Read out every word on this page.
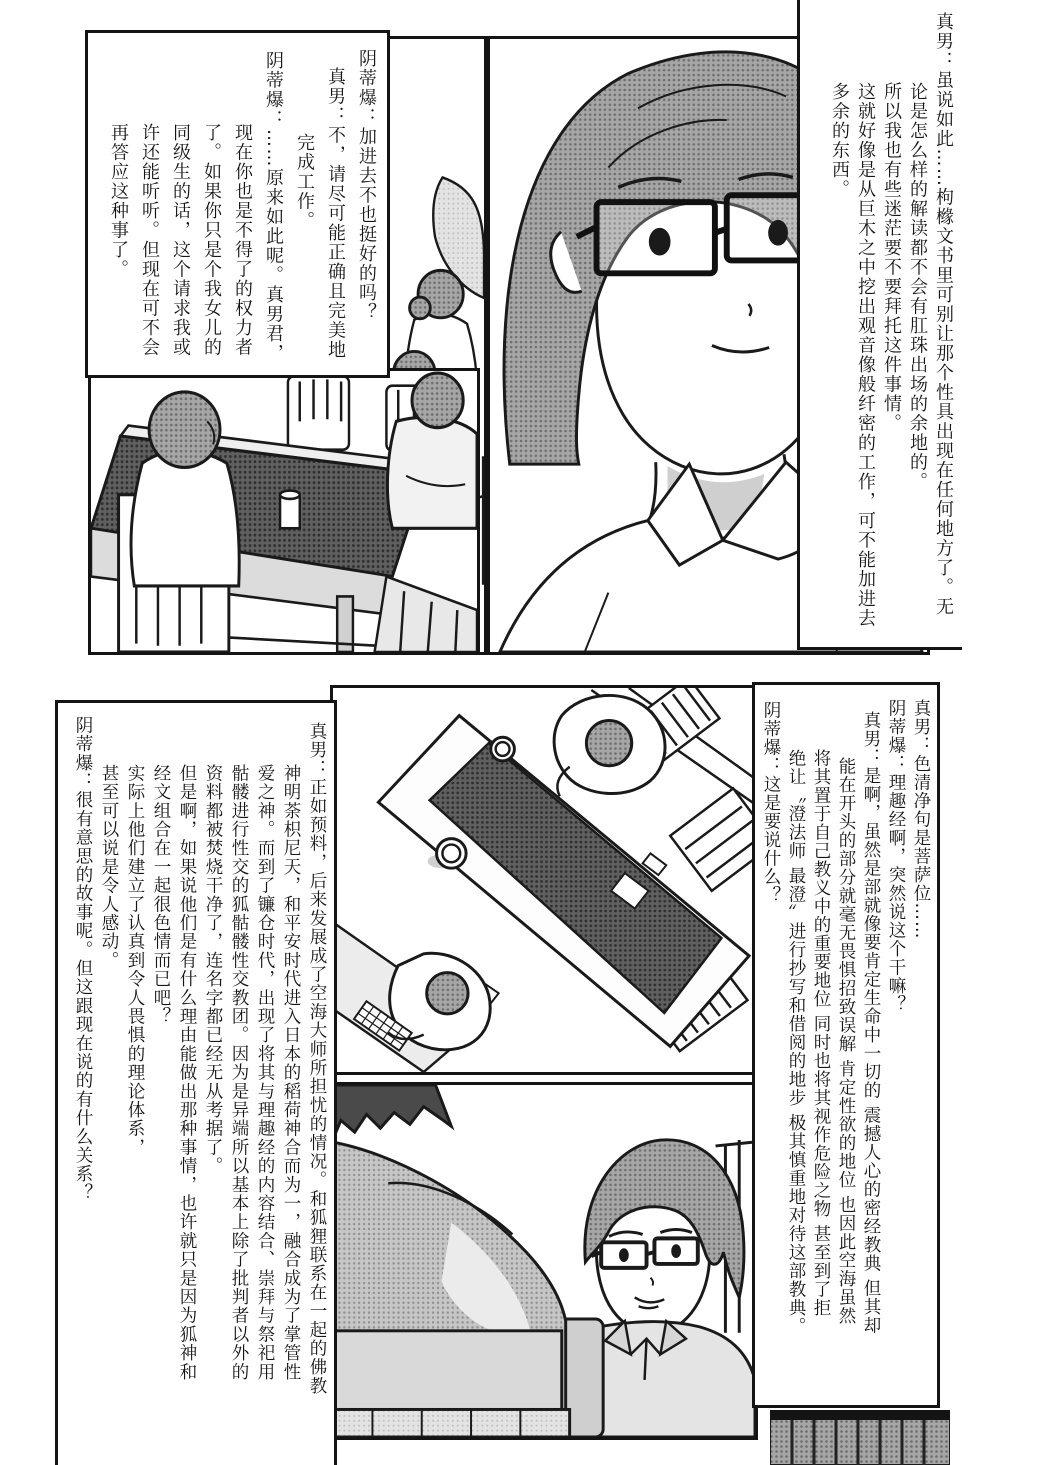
真男：虽说如此……枸橼文书里可别让那个性具出现在任何地方了。无

论是怎么样的解读都不会有肛珠出场的余地的。

所以我也有些迷茫要不要拜托这件事情。

这就好像是从巨木之中挖出观音像般纤密的工作，可不能加进去

多余的东西。

阴蒂爆：加进去不也挺好的吗？

真男：不，请尽可能正确且完美地

完成工作。

阴蒂爆：……原来如此呢。真男君，

现在你也是不得了的权力者

了。如果你只是个我女儿的

同级生的话，这个请求我或

许还能听听。但现在可不会

再答应这种事了。

真男：色清净句是菩萨位……

阴蒂爆：理趣经啊，突然说这个干嘛？

真男：是啊，虽然是部就像要肯定生命中一切的 震撼人心的密经教典 但其却

能在开头的部分就毫无畏惧招致误解 肯定性欲的地位 也因此空海虽然

将其置于自己教义中的重要地位 同时也将其视作危险之物 甚至到了拒

绝让〝澄法师 最澄〟进行抄写和借阅的地步 极其慎重地对待这部教典。

阴蒂爆：这是要说什么？

真男：正如预料，后来发展成了空海大师所担忧的情况。和狐狸联系在一起的佛教

神明荼枳尼天，和平安时代进入日本的稻荷神合而为一，融合成为了掌管性

爱之神。而到了镰仓时代，出现了将其与理趣经的内容结合、崇拜与祭祀用

骷髅进行性交的狐骷髅性交教团。因为是异端所以基本上除了批判者以外的

资料都被焚烧干净了，连名字都已经无从考据了。

但是啊，如果说他们是有什么理由能做出那种事情，也许就只是因为狐神和

经文组合在一起很色情而已吧？

实际上他们建立了认真到令人畏惧的理论体系，

甚至可以说是令人感动。

阴蒂爆：很有意思的故事呢。但这跟现在说的有什么关系？
